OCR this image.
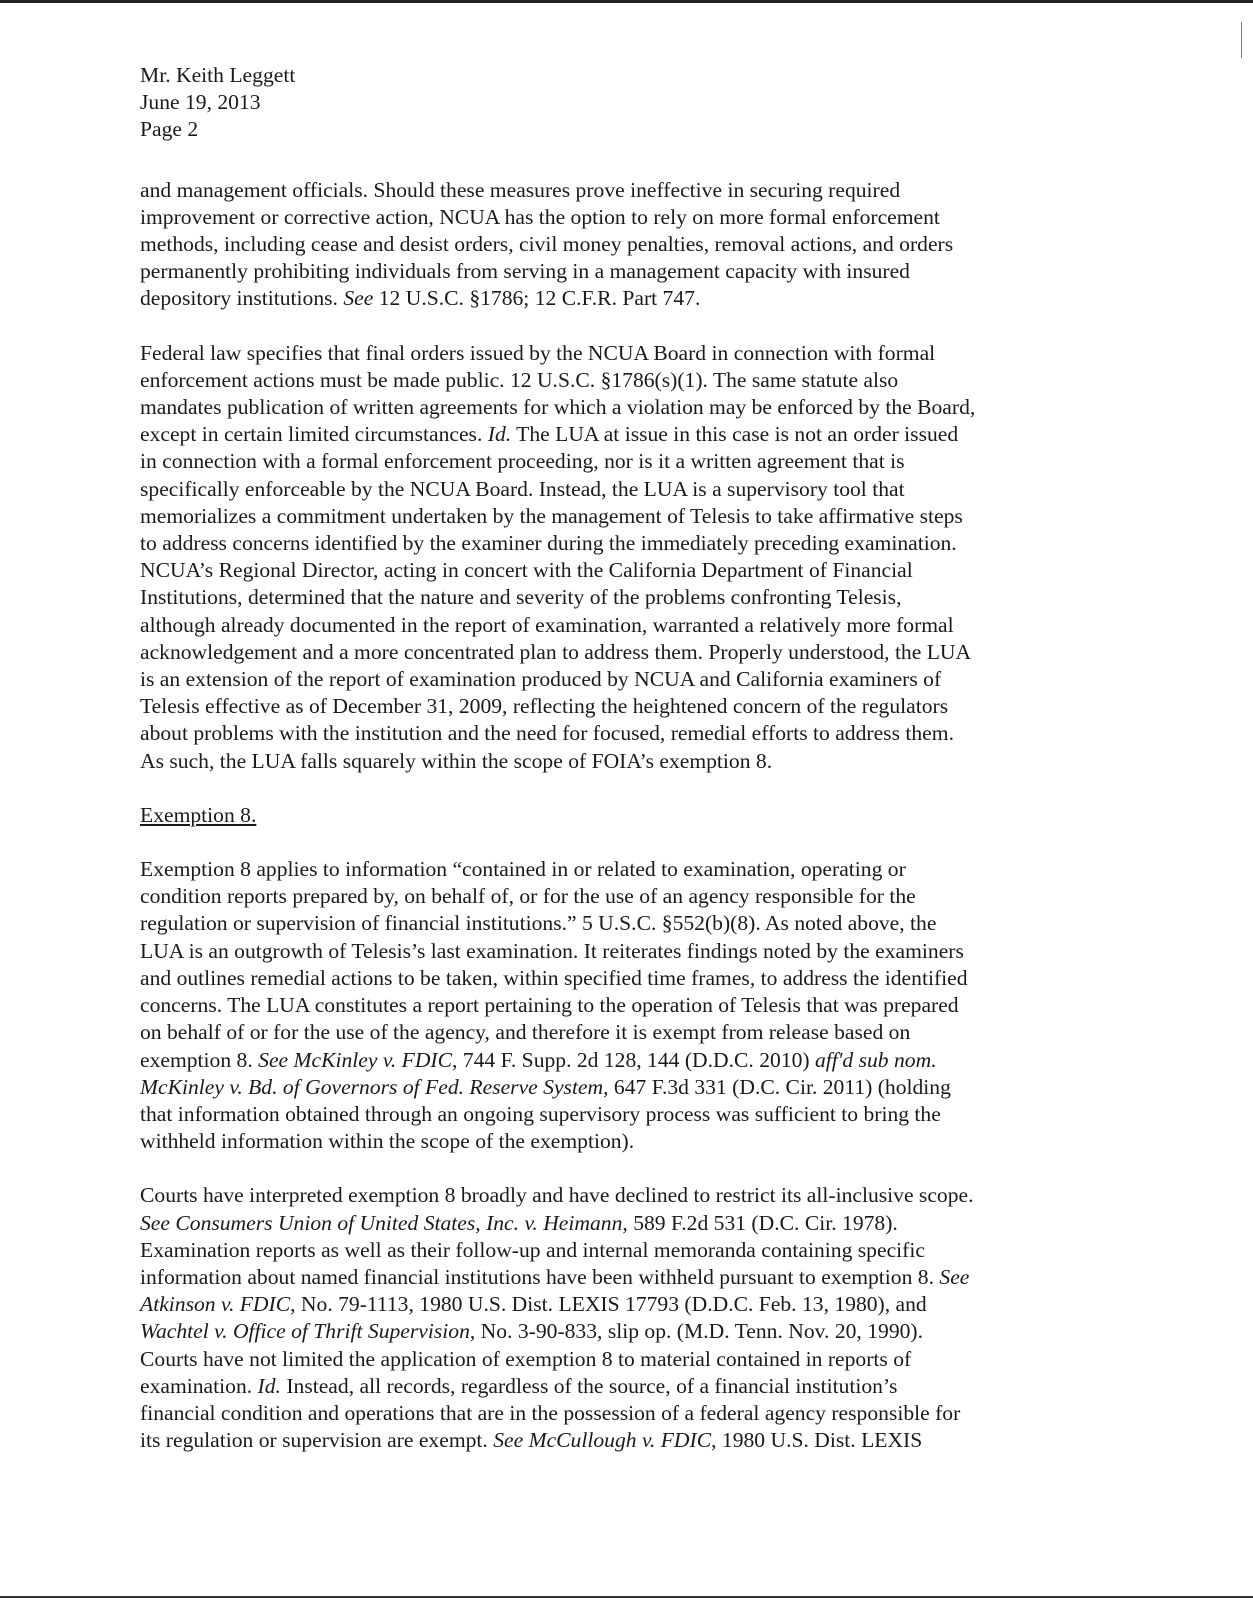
Mr. Keith Leggett
June 19, 2013
Page 2

and management officials. Should these measures prove ineffective in securing required
improvement or corrective action, NCUA has the option to rely on more formal enforcement
methods, including cease and desist orders, civil money penalties, removal actions, and orders
permanently prohibiting individuals from serving in a management capacity with insured
depository institutions. See 12 U.S.C. §1786; 12 C.F.R. Part 747.

Federal law specifies that final orders issued by the NCUA Board in connection with formal
enforcement actions must be made public. 12 U.S.C. §1786(s)(1). The same statute also
mandates publication of written agreements for which a violation may be enforced by the Board,
except in certain limited circumstances. Id. The LUA at issue in this case is not an order issued
in connection with a formal enforcement proceeding, nor is it a written agreement that is
specifically enforceable by the NCUA Board. Instead, the LUA is a supervisory tool that
memorializes a commitment undertaken by the management of Telesis to take affirmative steps
to address concerns identified by the examiner during the immediately preceding examination.
NCUA’s Regional Director, acting in concert with the California Department of Financial
Institutions, determined that the nature and severity of the problems confronting Telesis,
although already documented in the report of examination, warranted a relatively more formal
acknowledgement and a more concentrated plan to address them. Properly understood, the LUA
is an extension of the report of examination produced by NCUA and California examiners of
Telesis effective as of December 31, 2009, reflecting the heightened concern of the regulators
about problems with the institution and the need for focused, remedial efforts to address them.
As such, the LUA falls squarely within the scope of FOIA’s exemption 8.

Exemption 8.

Exemption 8 applies to information “contained in or related to examination, operating or
condition reports prepared by, on behalf of, or for the use of an agency responsible for the
regulation or supervision of financial institutions.” 5 U.S.C. §552(b)(8). As noted above, the
LUA is an outgrowth of Telesis’s last examination. It reiterates findings noted by the examiners
and outlines remedial actions to be taken, within specified time frames, to address the identified
concerns. The LUA constitutes a report pertaining to the operation of Telesis that was prepared
on behalf of or for the use of the agency, and therefore it is exempt from release based on
exemption 8. See McKinley v. FDIC, 744 F. Supp. 2d 128, 144 (D.D.C. 2010) aff'd sub nom.
McKinley v. Bd. of Governors of Fed. Reserve System, 647 F.3d 331 (D.C. Cir. 2011) (holding
that information obtained through an ongoing supervisory process was sufficient to bring the
withheld information within the scope of the exemption).

Courts have interpreted exemption 8 broadly and have declined to restrict its all-inclusive scope.
See Consumers Union of United States, Inc. v. Heimann, 589 F.2d 531 (D.C. Cir. 1978).
Examination reports as well as their follow-up and internal memoranda containing specific
information about named financial institutions have been withheld pursuant to exemption 8. See
Atkinson v. FDIC, No. 79-1113, 1980 U.S. Dist. LEXIS 17793 (D.D.C. Feb. 13, 1980), and
Wachtel v. Office of Thrift Supervision, No. 3-90-833, slip op. (M.D. Tenn. Nov. 20, 1990).
Courts have not limited the application of exemption 8 to material contained in reports of
examination. Id. Instead, all records, regardless of the source, of a financial institution’s
financial condition and operations that are in the possession of a federal agency responsible for
its regulation or supervision are exempt. See McCullough v. FDIC, 1980 U.S. Dist. LEXIS
